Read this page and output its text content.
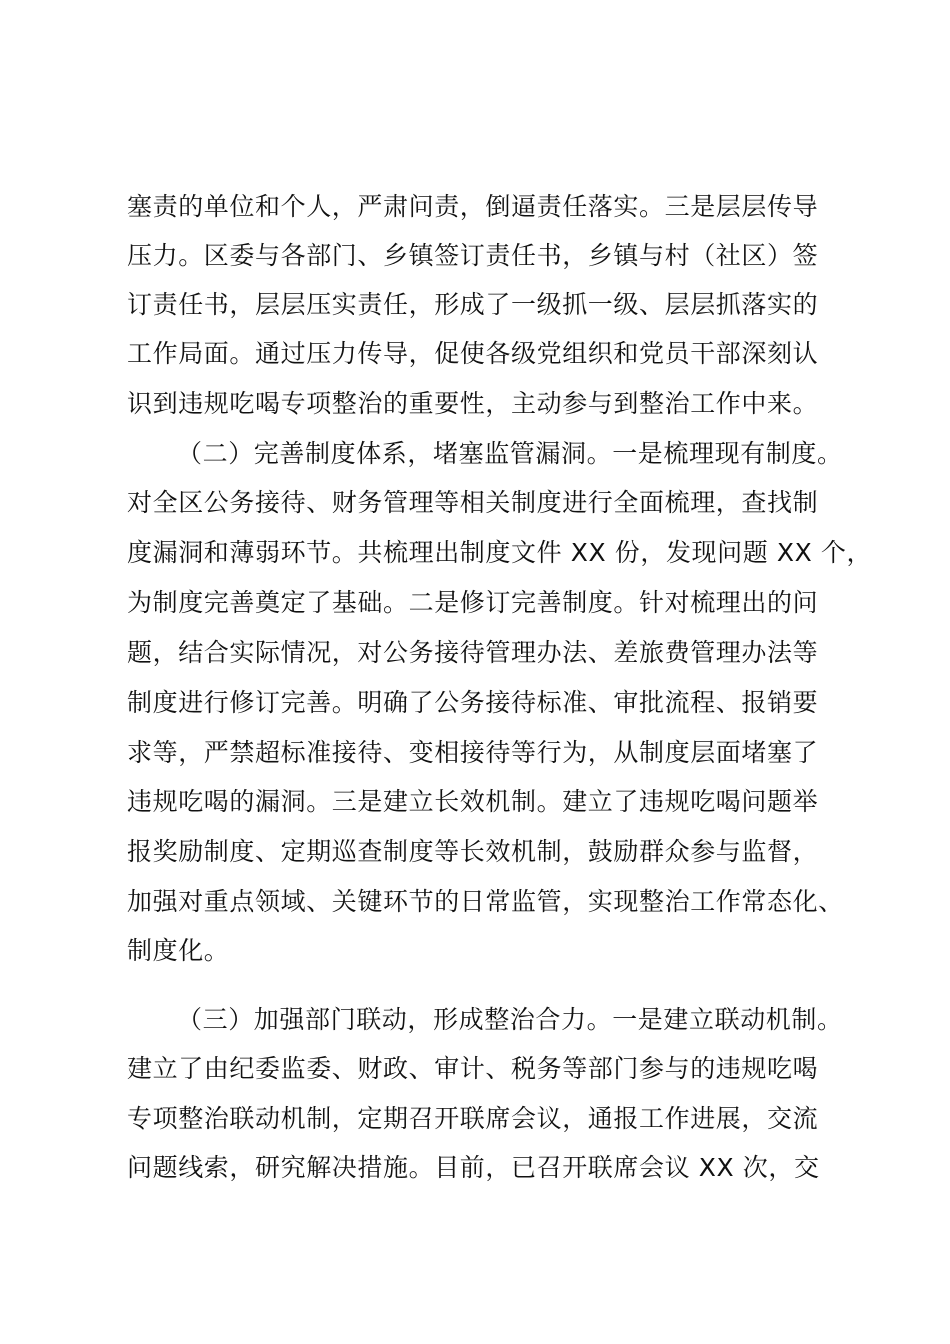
塞责的单位和个人，严肃问责，倒逼责任落实。三是层层传导
压力。区委与各部门、乡镇签订责任书，乡镇与村（社区）签
订责任书，层层压实责任，形成了一级抓一级、层层抓落实的
工作局面。通过压力传导，促使各级党组织和党员干部深刻认
识到违规吃喝专项整治的重要性，主动参与到整治工作中来。
（二）完善制度体系，堵塞监管漏洞。一是梳理现有制度。
对全区公务接待、财务管理等相关制度进行全面梳理，查找制
度漏洞和薄弱环节。共梳理出制度文件 XX 份，发现问题 XX 个，
为制度完善奠定了基础。二是修订完善制度。针对梳理出的问
题，结合实际情况，对公务接待管理办法、差旅费管理办法等
制度进行修订完善。明确了公务接待标准、审批流程、报销要
求等，严禁超标准接待、变相接待等行为，从制度层面堵塞了
违规吃喝的漏洞。三是建立长效机制。建立了违规吃喝问题举
报奖励制度、定期巡查制度等长效机制，鼓励群众参与监督，
加强对重点领域、关键环节的日常监管，实现整治工作常态化、
制度化。
（三）加强部门联动，形成整治合力。一是建立联动机制。
建立了由纪委监委、财政、审计、税务等部门参与的违规吃喝
专项整治联动机制，定期召开联席会议，通报工作进展，交流
问题线索，研究解决措施。目前，已召开联席会议 XX 次，交
